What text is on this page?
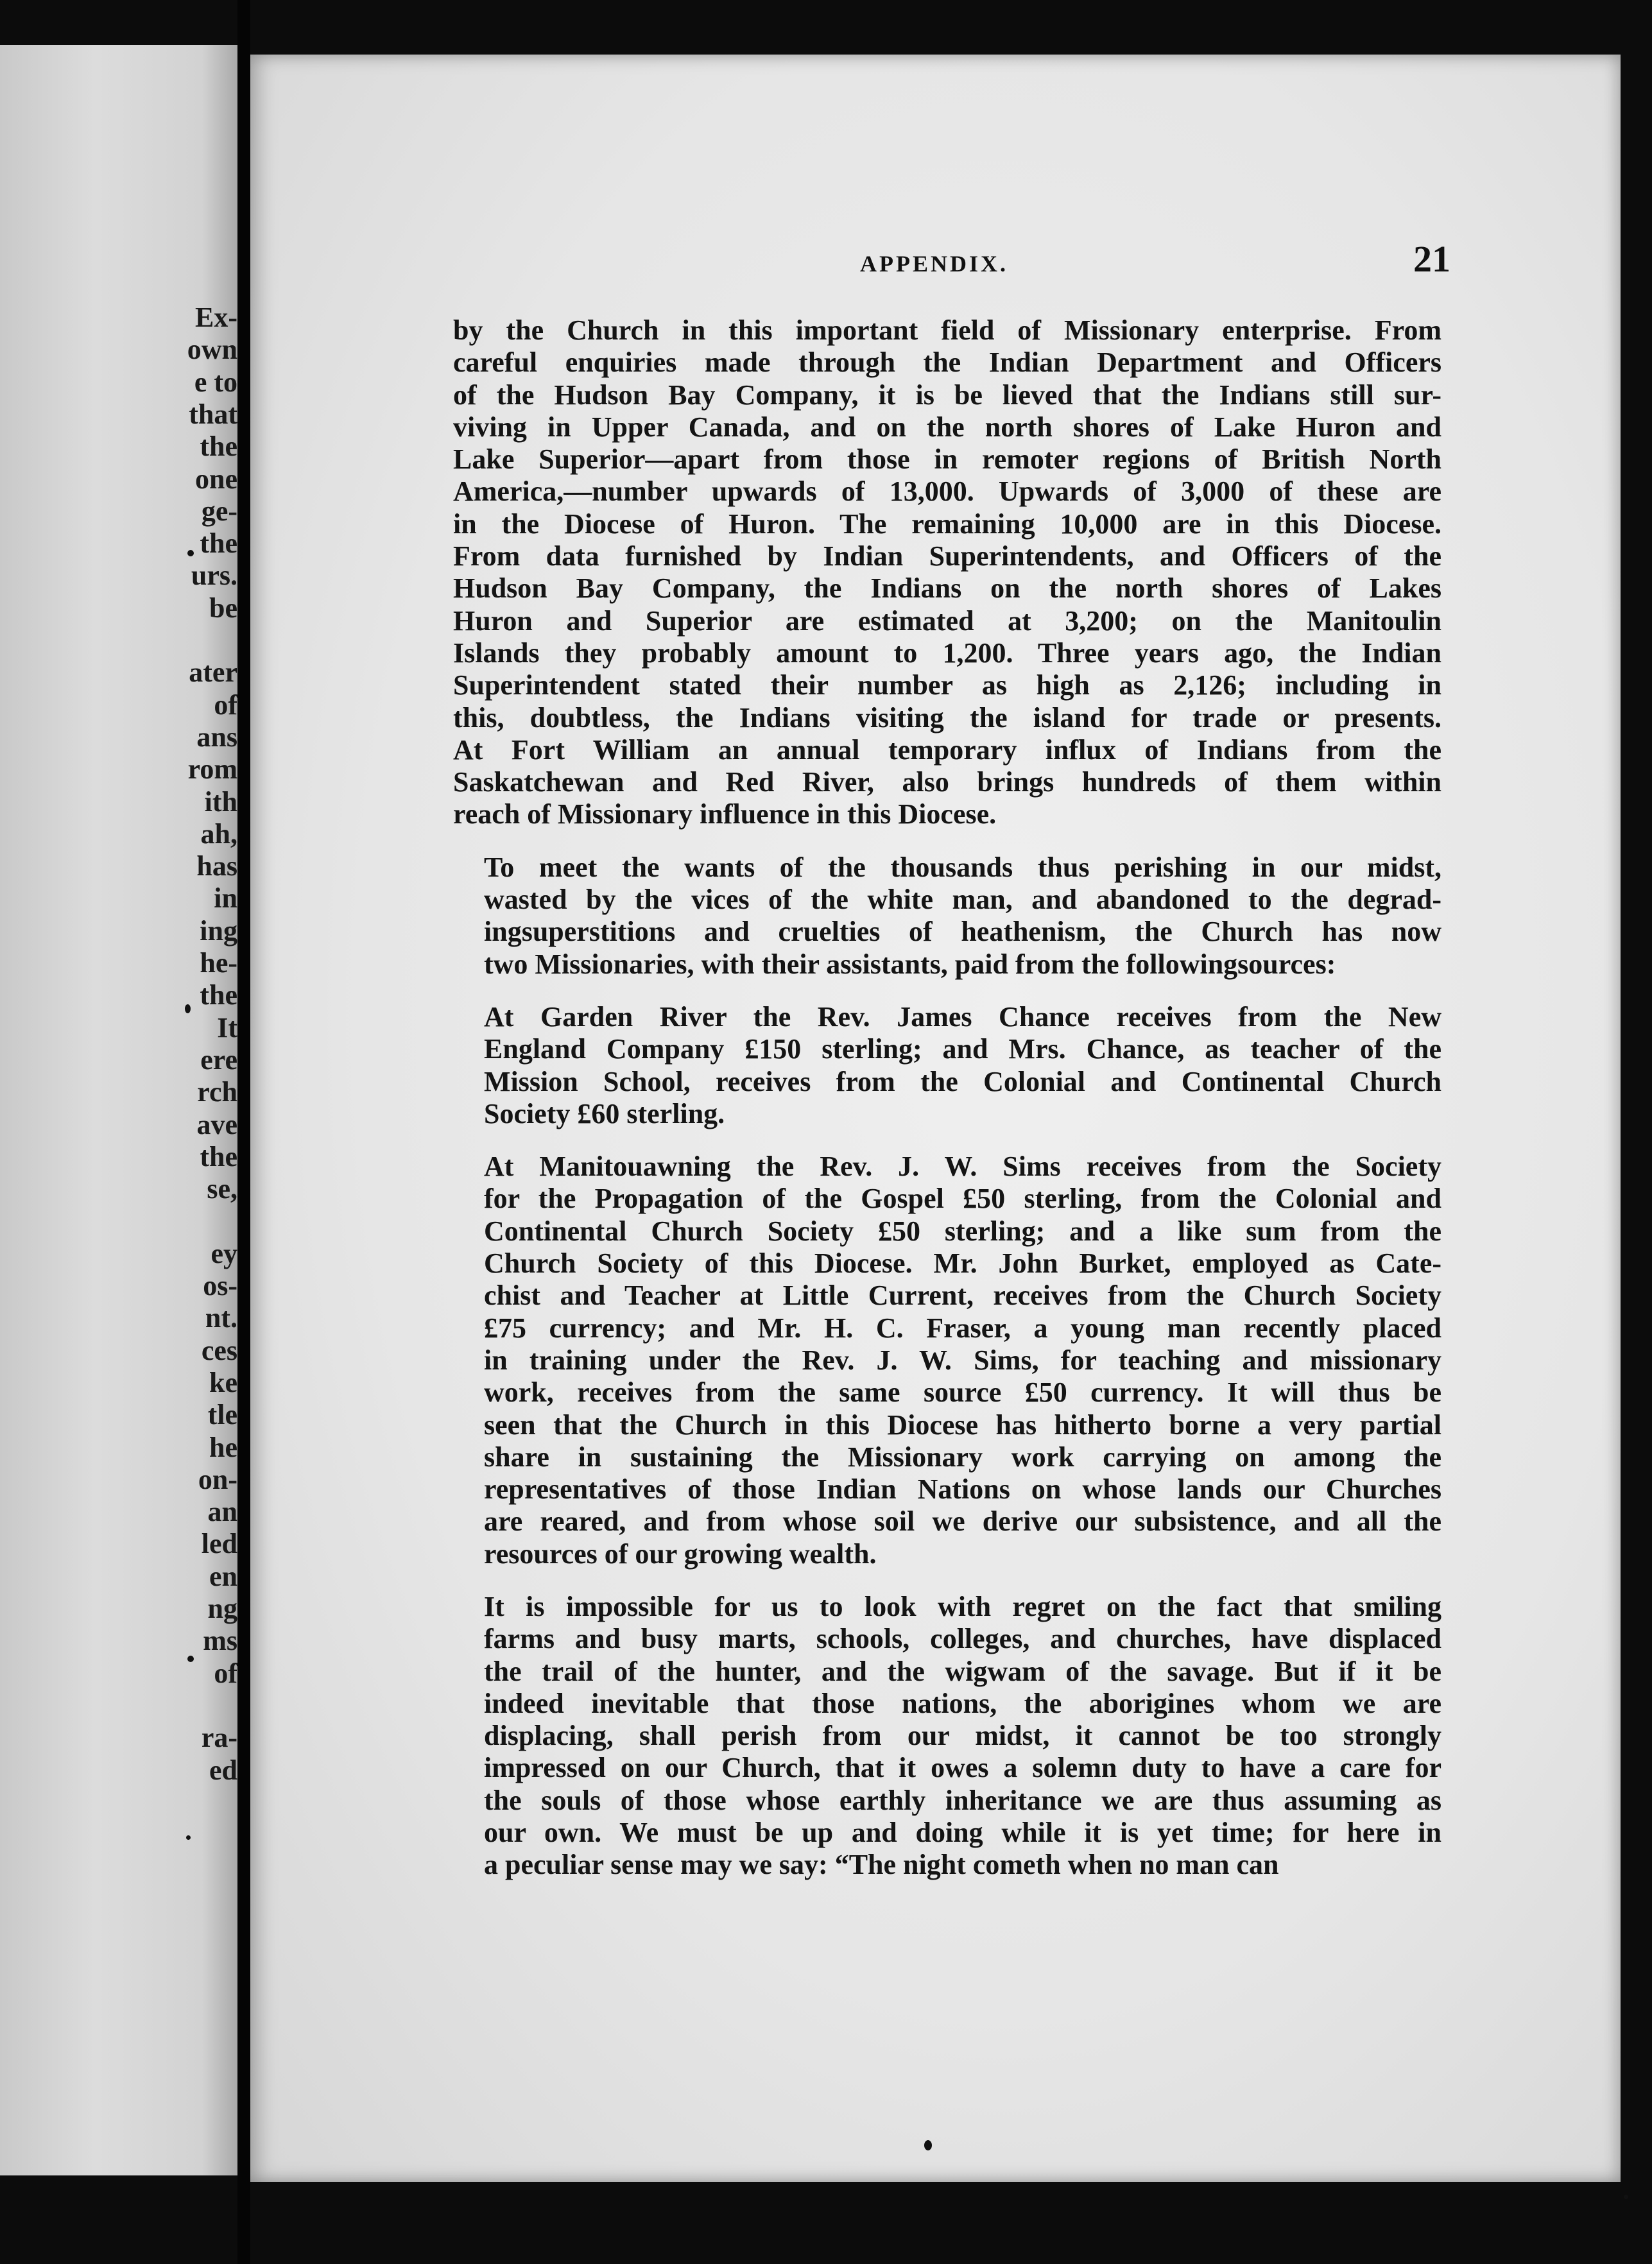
Ex-
own
e to
that
the
one
ge-
the
urs.
be
ater
of
ans
rom
ith
ah,
has
in
ing
he-
the
It
ere
rch
ave
the
se,
ey
os-
nt.
ces
ke
tle
he
on-
an
led
en
ng
ms
of
ra-
ed
APPENDIX.	21

by the Church in this important field of Missionary enterprise. From
careful enquiries made through the Indian Department and Officers
of the Hudson Bay Company, it is be lieved that the Indians still sur-
viving in Upper Canada, and on the north shores of Lake Huron and
Lake Superior—apart from those in remoter regions of British North
America,—number upwards of 13,000. Upwards of 3,000 of these are
in the Diocese of Huron. The remaining 10,000 are in this Diocese.
From data furnished by Indian Superintendents, and Officers of the
Hudson Bay Company, the Indians on the north shores of Lakes
Huron and Superior are estimated at 3,200; on the Manitoulin
Islands they probably amount to 1,200. Three years ago, the Indian
Superintendent stated their number as high as 2,126; including in
this, doubtless, the Indians visiting the island for trade or presents.
At Fort William an annual temporary influx of Indians from the
Saskatchewan and Red River, also brings hundreds of them within
reach of Missionary influence in this Diocese.

To meet the wants of the thousands thus perishing in our midst,
wasted by the vices of the white man, and abandoned to the degrad-
ingsuperstitions and cruelties of heathenism, the Church has now
two Missionaries, with their assistants, paid from the followingsources:

At Garden River the Rev. James Chance receives from the New
England Company £150 sterling; and Mrs. Chance, as teacher of the
Mission School, receives from the Colonial and Continental Church
Society £60 sterling.

At Manitouawning the Rev. J. W. Sims receives from the Society
for the Propagation of the Gospel £50 sterling, from the Colonial and
Continental Church Society £50 sterling; and a like sum from the
Church Society of this Diocese. Mr. John Burket, employed as Cate-
chist and Teacher at Little Current, receives from the Church Society
£75 currency; and Mr. H. C. Fraser, a young man recently placed
in training under the Rev. J. W. Sims, for teaching and missionary
work, receives from the same source £50 currency. It will thus be
seen that the Church in this Diocese has hitherto borne a very partial
share in sustaining the Missionary work carrying on among the
representatives of those Indian Nations on whose lands our Churches
are reared, and from whose soil we derive our subsistence, and all the
resources of our growing wealth.

It is impossible for us to look with regret on the fact that smiling
farms and busy marts, schools, colleges, and churches, have displaced
the trail of the hunter, and the wigwam of the savage. But if it be
indeed inevitable that those nations, the aborigines whom we are
displacing, shall perish from our midst, it cannot be too strongly
impressed on our Church, that it owes a solemn duty to have a care for
the souls of those whose earthly inheritance we are thus assuming as
our own. We must be up and doing while it is yet time; for here in
a peculiar sense may we say: “The night cometh when no man can
